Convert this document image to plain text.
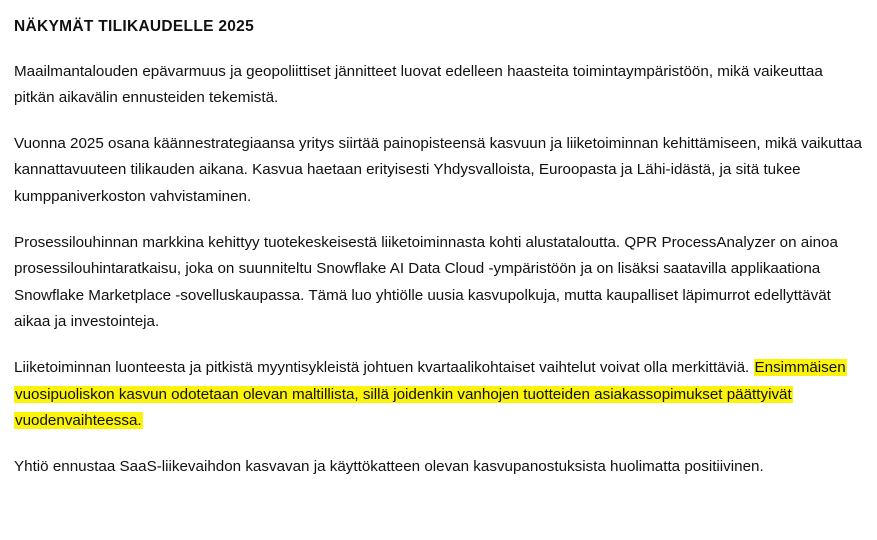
NÄKYMÄT TILIKAUDELLE 2025

Maailmantalouden epävarmuus ja geopoliittiset jännitteet luovat edelleen haasteita toimintaympäristöön, mikä vaikeuttaa pitkän aikavälin ennusteiden tekemistä.

Vuonna 2025 osana käännestrategiaansa yritys siirtää painopisteensä kasvuun ja liiketoiminnan kehittämiseen, mikä vaikuttaa kannattavuuteen tilikauden aikana. Kasvua haetaan erityisesti Yhdysvalloista, Euroopasta ja Lähi-idästä, ja sitä tukee kumppaniverkoston vahvistaminen.

Prosessilouhinnan markkina kehittyy tuotekeskeisestä liiketoiminnasta kohti alustataloutta. QPR ProcessAnalyzer on ainoa prosessilouhintaratkaisu, joka on suunniteltu Snowflake AI Data Cloud -ympäristöön ja on lisäksi saatavilla applikaationa Snowflake Marketplace -sovelluskaupassa. Tämä luo yhtiölle uusia kasvupolkuja, mutta kaupalliset läpimurrot edellyttävät aikaa ja investointeja.

Liiketoiminnan luonteesta ja pitkistä myyntisykleistä johtuen kvartaalikohtaiset vaihtelut voivat olla merkittäviä. Ensimmäisen vuosipuoliskon kasvun odotetaan olevan maltillista, sillä joidenkin vanhojen tuotteiden asiakassopimukset päättyivät vuodenvaihteessa.

Yhtiö ennustaa SaaS-liikevaihdon kasvavan ja käyttökatteen olevan kasvupanostuksista huolimatta positiivinen.
